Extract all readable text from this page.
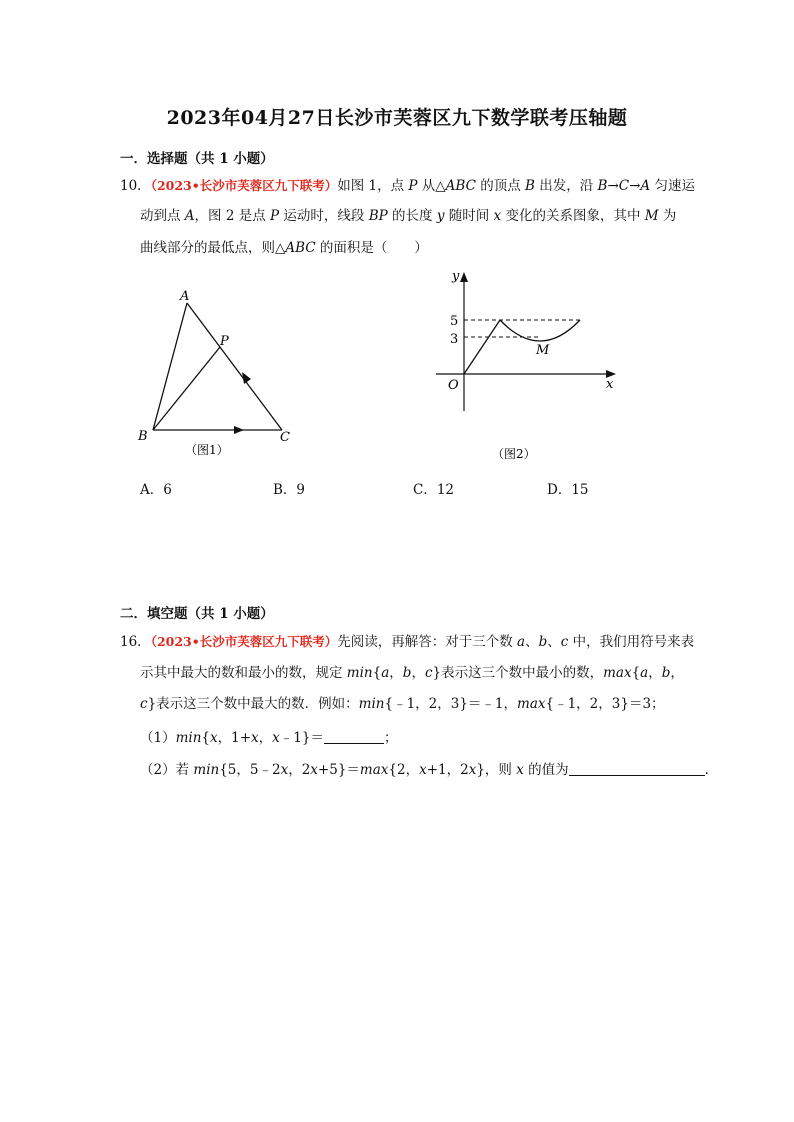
2023年04月27日长沙市芙蓉区九下数学联考压轴题
一．选择题（共 1 小题）
10．（2023•长沙市芙蓉区九下联考）如图 1，点 P 从△ABC 的顶点 B 出发，沿 B→C→A 匀速运
动到点 A，图 2 是点 P 运动时，线段 BP 的长度 y 随时间 x 变化的关系图象，其中 M 为
曲线部分的最低点，则△ABC 的面积是（　　）
A
P
B	C
（图1）
y
x
O
5
3
M
（图2）
A．6	B．9	C．12	D．15
二．填空题（共 1 小题）
16．（2023•长沙市芙蓉区九下联考）先阅读，再解答：对于三个数 a、b、c 中，我们用符号来表
示其中最大的数和最小的数，规定 min{a，b，c}表示这三个数中最小的数，max{a，b，
c}表示这三个数中最大的数．例如：min{﹣1，2，3}＝﹣1，max{﹣1，2，3}＝3；
（1）min{x，1+x，x﹣1}＝	；
（2）若 min{5，5﹣2x，2x+5}＝max{2，x+1，2x}，则 x 的值为	．
